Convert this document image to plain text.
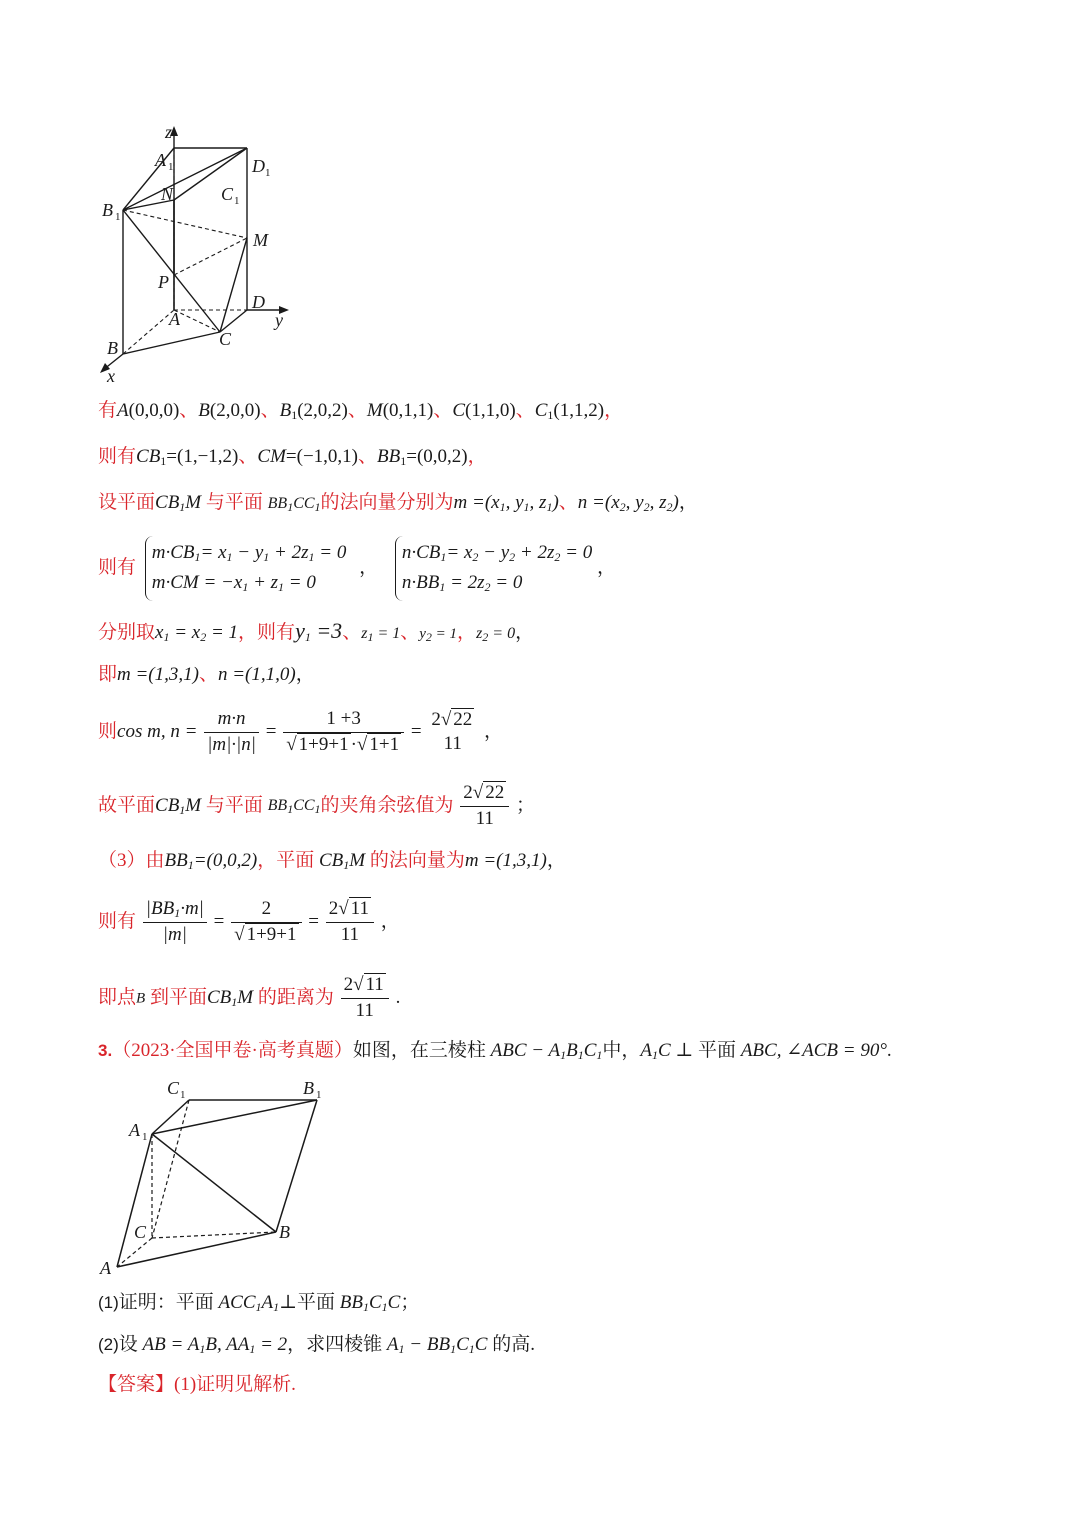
z
A 1	D 1
N	C 1
B 1
M
P
D
A	y
C
B
x
有A(0,0,0)、B(2,0,0)、$B_1(2,0,2)$、M(0,1,1)、C(1,1,0)、$C_1(1,1,2)$，
则有$CB_1=(1,-1,2)$、CM=(−1,0,1)、$BB_1=(0,0,2)$，
设平面$CB_1M$ 与平面 $BB_1CC_1$的法向量分别为$m =(x_1$, $y_1$, $z_1$)、$n =(x_2$, $y_2$, $z_2$)，
则有
$m\cdot CB_1= x_1 - y_1 + 2z_1 = 0$
$m\cdot CM = -x_1 + z_1 = 0$
，
$n\cdot CB_1= x_2 - y_2 + 2z_2 = 0$
$n\cdot BB_1 = 2z_2 = 0$
，
分别取$x_1 = x_2 = 1$，则有$y_1 =3$、$z_1 = 1$、$y_2 = 1$，$z_2 = 0$，
即m =(1,3,1)、n =(1,1,0)，
则cos m, $n = \frac{m\cdot n}{|m|\cdot|n|} = \frac{1 +3}{√ 1+9+1 \cdot√ 1+1}$ =
2√ 22
11
，
故平面$CB_1M$ 与平面 $BB_1CC_1$的夹角余弦值为 $\frac{2√ 22}{11}$ ；
（3）由$BB_1=(0,0,2)$，平面 $CB_1M$ 的法向量为m =(1,3,1)，
则有 $\frac{|BB_1\cdot m|}{|m|} = \frac{2}{√ 1+9+1} = \frac{2√ 11}{11}$ ，
即点B 到平面$CB_1M$ 的距离为 $\frac{2√ 11}{11}$ .
3.（2023·全国甲卷·高考真题）如图，在三棱柱 ABC − $A_1B_1C_1$中，$A_1C$ ⊥ 平面 ABC, ∠ACB = 90°.
C 1	B 1
A 1
C	B
A
(1)证明：平面 $ACC_1A_1\perp$平面 $BB_1C_1C$；
(2)设 AB = $A_1B$, $AA_1 = 2$，求四棱锥 $A_1 - BB_1C_1C$ 的高.
【答案】(1)证明见解析.
